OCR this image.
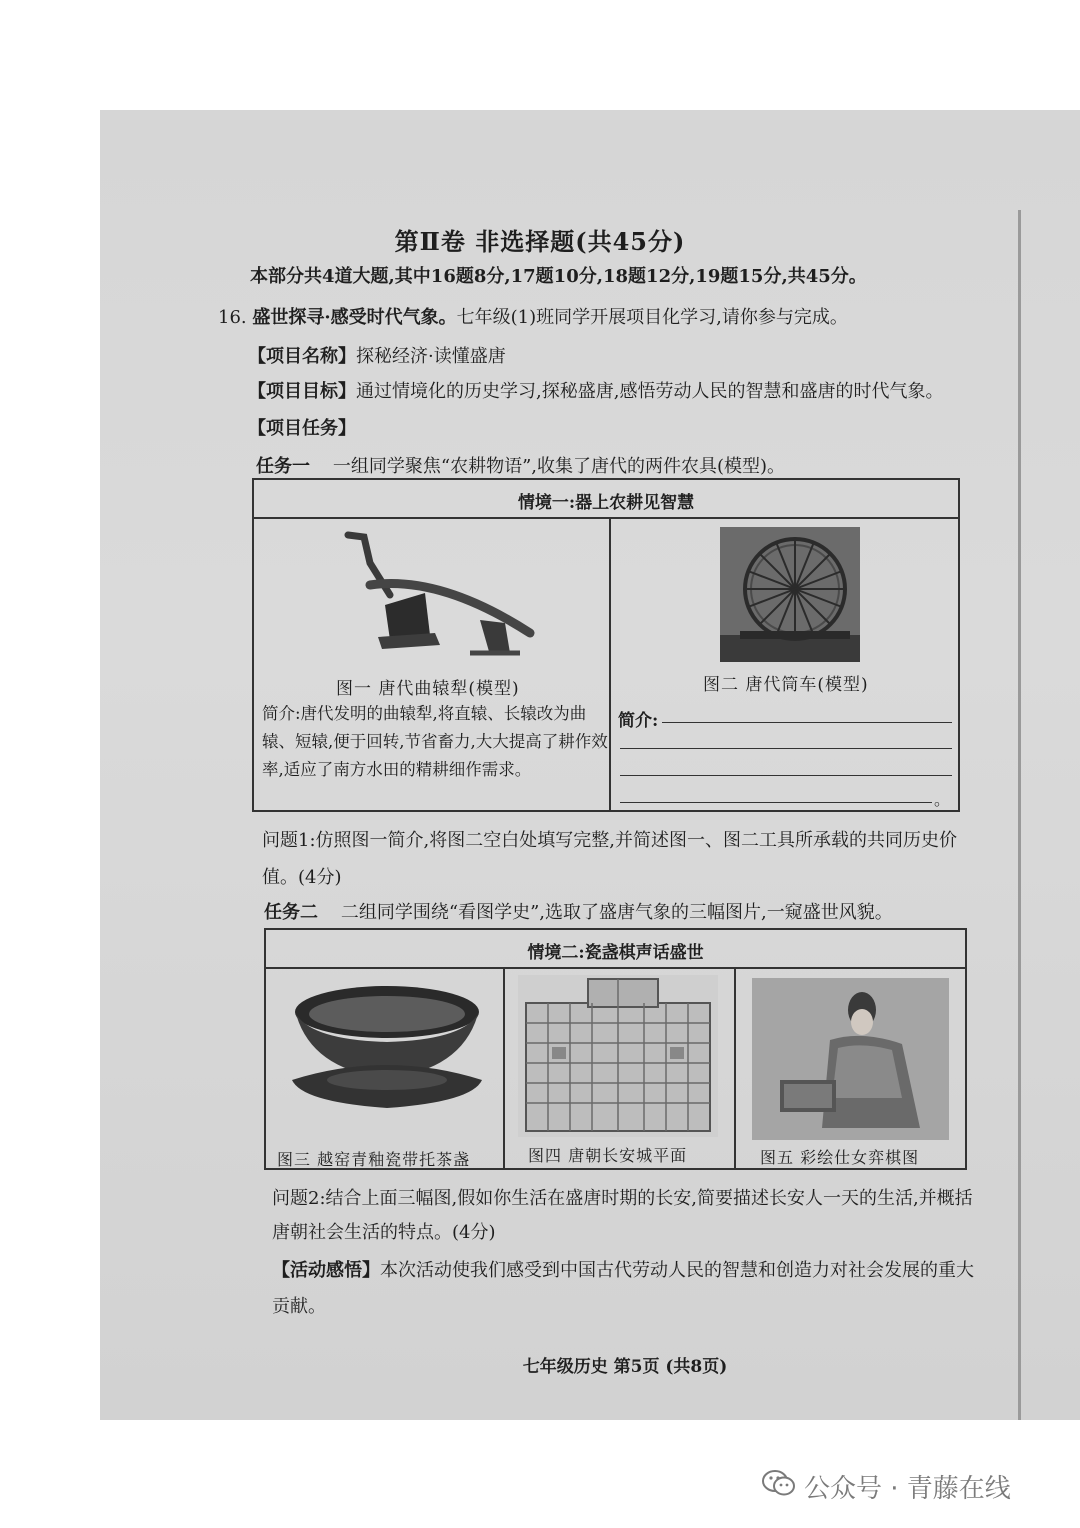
第Ⅱ卷 非选择题(共45分)
本部分共4道大题,其中16题8分,17题10分,18题12分,19题15分,共45分。
16. 盛世探寻·感受时代气象。七年级(1)班同学开展项目化学习,请你参与完成。
【项目名称】探秘经济·读懂盛唐
【项目目标】通过情境化的历史学习,探秘盛唐,感悟劳动人民的智慧和盛唐的时代气象。
【项目任务】
任务一 一组同学聚焦“农耕物语”,收集了唐代的两件农具(模型)。
情境一:器上农耕见智慧
图一 唐代曲辕犁(模型)
简介:唐代发明的曲辕犁,将直辕、长辕改为曲辕、短辕,便于回转,节省畜力,大大提高了耕作效率,适应了南方水田的精耕细作需求。
图二 唐代筒车(模型)
简介:
。
问题1:仿照图一简介,将图二空白处填写完整,并简述图一、图二工具所承载的共同历史价值。(4分)
任务二 二组同学围绕“看图学史”,选取了盛唐气象的三幅图片,一窥盛世风貌。
情境二:瓷盏棋声话盛世
图三 越窑青釉瓷带托茶盏	图四 唐朝长安城平面	图五 彩绘仕女弈棋图
问题2:结合上面三幅图,假如你生活在盛唐时期的长安,简要描述长安人一天的生活,并概括唐朝社会生活的特点。(4分)
【活动感悟】本次活动使我们感受到中国古代劳动人民的智慧和创造力对社会发展的重大贡献。
七年级历史 第5页 (共8页)
公众号 · 青藤在线
